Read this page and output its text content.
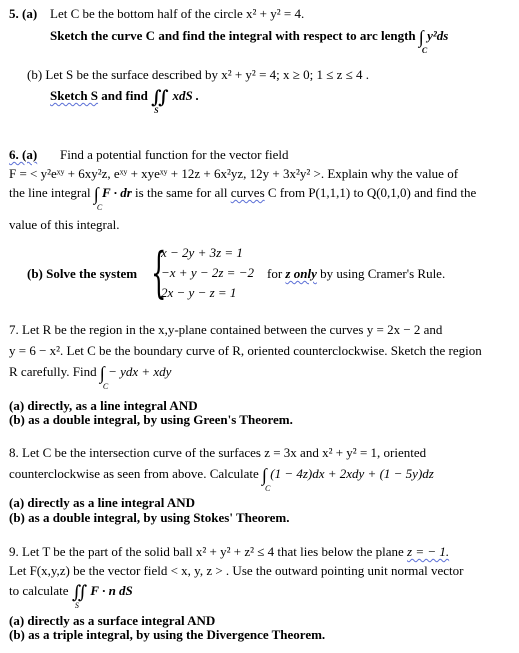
5. (a) Let C be the bottom half of the circle x² + y² = 4.
Sketch the curve C and find the integral with respect to arc length ∫
C
y²ds
(b) Let S be the surface described by x² + y² = 4; x ≥ 0; 1 ≤ z ≤ 4 .
Sketch S and find ∬
S
xdS .
6. (a) Find a potential function for the vector field
F = < y²eˣʸ + 6xy²z, eˣʸ + xyeˣʸ + 12z + 6x²yz, 12y + 3x²y² >. Explain why the value of
the line integral ∫
C
F · dr is the same for all curves C from P(1,1,1) to Q(0,1,0) and find the
value of this integral.
(b) Solve the system {
x − 2y + 3z = 1
−x + y − 2z = −2
2x − y − z = 1
for z only by using Cramer's Rule.
7. Let R be the region in the x,y-plane contained between the curves y = 2x − 2 and
y = 6 − x². Let C be the boundary curve of R, oriented counterclockwise. Sketch the region
R carefully. Find ∫
C
− ydx + xdy
(a) directly, as a line integral AND
(b) as a double integral, by using Green's Theorem.
8. Let C be the intersection curve of the surfaces z = 3x and x² + y² = 1, oriented
counterclockwise as seen from above. Calculate ∫
C
(1 − 4z)dx + 2xdy + (1 − 5y)dz
(a) directly as a line integral AND
(b) as a double integral, by using Stokes' Theorem.
9. Let T be the part of the solid ball x² + y² + z² ≤ 4 that lies below the plane z = − 1.
Let F(x,y,z) be the vector field < x, y, z > . Use the outward pointing unit normal vector
to calculate ∬
S
F · n dS
(a) directly as a surface integral AND
(b) as a triple integral, by using the Divergence Theorem.
